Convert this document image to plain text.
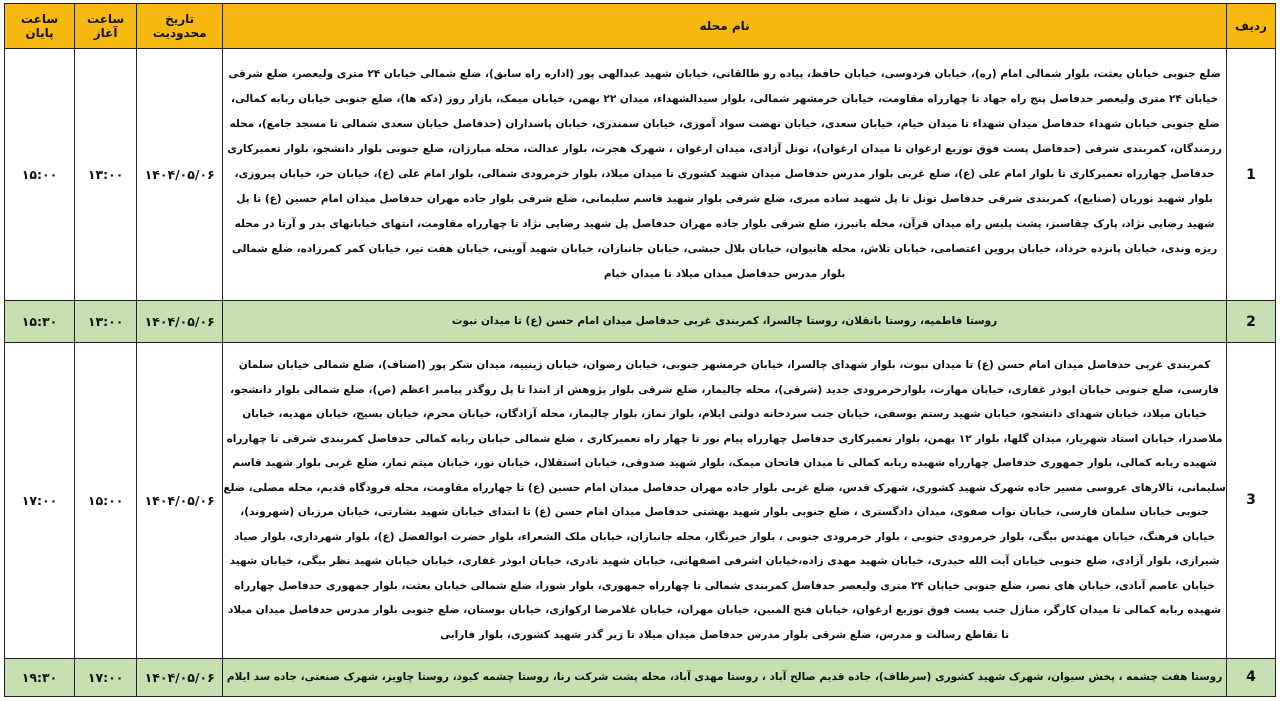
ردیف	نام محله	تاریخ محدودیت	ساعت آغاز	ساعت پایان
1	ضلع جنوبی خیابان بعثت، بلوار شمالی امام (ره)، خیابان فردوسی، خیابان حافظ، پیاده رو طالقانی، خیابان شهید عبدالهی پور (اداره راه سابق)، ضلع شمالی خیابان ۲۴ متری ولیعصر، ضلع شرقی خیابان ۲۴ متری ولیعصر حدفاصل پنج راه جهاد تا چهارراه مقاومت، خیابان خرمشهر شمالی، بلوار سیدالشهداء، میدان ۲۲ بهمن، خیابان میمک، بازار روز (دکه ها)، ضلع جنوبی خیابان ربابه کمالی، ضلع جنوبی خیابان شهداء حدفاصل میدان شهداء تا میدان خیام، خیابان سعدی، خیابان نهضت سواد آموزی، خیابان سمندری، خیابان پاسداران (حدفاصل خیابان سعدی شمالی تا مسجد جامع)، محله رزمندگان، کمربندی شرقی (حدفاصل پست فوق توزیع ارغوان تا میدان ارغوان)، تونل آزادی، میدان ارغوان ، شهرک هجرت، بلوار عدالت، محله مبارزان، ضلع جنوبی بلوار دانشجو، بلوار تعمیرکاری حدفاصل چهارراه تعمیرکاری تا بلوار امام علی (ع)، ضلع غربی بلوار مدرس حدفاصل میدان شهید کشوری تا میدان میلاد، بلوار خرمرودی شمالی، بلوار امام علی (ع)، خیابان حر، خیابان پیروزی، بلوار شهید نوریان (صنایع)، کمربندی شرقی حدفاصل تونل تا پل شهید ساده میری، ضلع شرقی بلوار شهید قاسم سلیمانی، ضلع شرقی بلوار جاده مهران حدفاصل میدان امام حسین (ع) تا پل شهید رضایی نژاد، پارک چقاسبز، پشت پلیس راه میدان قرآن، محله بانبرز، ضلع شرقی بلوار جاده مهران حدفاصل پل شهید رضایی نژاد تا چهارراه مقاومت، انتهای خیابانهای بدر و آرتا در محله ریزه وندی، خیابان پانزده خرداد، خیابان پروین اعتصامی، خیابان تلاش، محله هانیوان، خیابان بلال حبشی، خیابان جانبازان، خیابان شهید آوینی، خیابان هفت تیر، خیابان کمر کمرزاده، ضلع شمالی بلوار مدرس حدفاصل میدان میلاد تا میدان خیام	۱۴۰۴/۰۵/۰۶	۱۳:۰۰	۱۵:۰۰
2	روستا فاطمیه، روستا بانقلان، روستا چالسرا، کمربندی غربی حدفاصل میدان امام حسن (ع) تا میدان نبوت	۱۴۰۴/۰۵/۰۶	۱۳:۰۰	۱۵:۳۰
3	کمربندی غربی حدفاصل میدان امام حسن (ع) تا میدان نبوت، بلوار شهدای چالسرا، خیابان خرمشهر جنوبی، خیابان رضوان، خیابان زینبیه، میدان شکر پور (اصناف)، ضلع شمالی خیابان سلمان فارسی، ضلع جنوبی خیابان ابوذر غفاری، خیابان مهارت، بلوارخرمرودی جدید (شرقی)، محله چالیمار، ضلع شرقی بلوار پژوهش از ابتدا تا پل روگذر پیامبر اعظم (ص)، ضلع شمالی بلوار دانشجو، خیابان میلاد، خیابان شهدای دانشجو، خیابان شهید رستم یوسفی، خیابان جنب سردخانه دولتی ایلام، بلوار نماز، بلوار چالیمار، محله آزادگان، خیابان محرم، خیابان بسیج، خیابان مهدیه، خیابان ملاصدرا، خیابان استاد شهریار، میدان گلها، بلوار ۱۲ بهمن، بلوار تعمیرکاری حدفاصل چهارراه پیام نور تا چهار راه تعمیرکاری ، ضلع شمالی خیابان ربابه کمالی حدفاصل کمربندی شرقی تا چهارراه شهیده ربابه کمالی، بلوار جمهوری حدفاصل چهارراه شهیده ربابه کمالی تا میدان فاتحان میمک، بلوار شهید صدوقی، خیابان استقلال، خیابان نور، خیابان میثم تمار، ضلع غربی بلوار شهید قاسم سلیمانی، تالارهای عروسی مسیر جاده شهرک شهید کشوری، شهرک قدس، ضلع غربی بلوار جاده مهران حدفاصل میدان امام حسین (ع) تا چهارراه مقاومت، محله فرودگاه قدیم، محله مصلی، ضلع جنوبی خیابان سلمان فارسی، خیابان نواب صفوی، میدان دادگستری ، ضلع جنوبی بلوار شهید بهشتی حدفاصل میدان امام حسن (ع) تا ابتدای خیابان شهید بشارتی، خیابان مرزبان (شهروند)، خیابان فرهنگ، خیابان مهندس بیگی، بلوار خرمرودی جنوبی ، بلوار خرمرودی جنوبی ، بلوار خیرنگار، محله جانبازان، خیابان ملک الشعراء، بلوار حضرت ابوالفضل (ع)، بلوار شهرداری، بلوار صیاد شیرازی، بلوار آزادی، ضلع جنوبی خیابان آیت الله حیدری، خیابان شهید مهدی زاده،خیابان اشرفی اصفهانی، خیابان شهید نادری، خیابان ابوذر غفاری، خیابان خیابان شهید نظر بیگی، خیابان شهید خیابان عاصم آبادی، خیابان های نصر، ضلع جنوبی خیابان ۲۴ متری ولیعصر حدفاصل کمربندی شمالی تا چهارراه جمهوری، بلوار شورا، ضلع شمالی خیابان بعثت، بلوار جمهوری حدفاصل چهارراه شهیده ربابه کمالی تا میدان کارگر، منازل جنب پست فوق توزیع ارغوان، خیابان فتح المبین، خیابان مهران، خیابان غلامرضا ارکوازی، خیابان بوستان، ضلع جنوبی بلوار مدرس حدفاصل میدان میلاد تا تقاطع رسالت و مدرس، ضلع شرقی بلوار مدرس حدفاصل میدان میلاد تا زیر گذر شهید کشوری، بلوار فارابی	۱۴۰۴/۰۵/۰۶	۱۵:۰۰	۱۷:۰۰
4	روستا هفت چشمه ، پخش سیوان، شهرک شهید کشوری (سرطاف)، جاده قدیم صالح آباد ، روستا مهدی آباد، محله پشت شرکت رنا، روستا چشمه کبود، روستا چاویز، شهرک صنعتی، جاده سد ایلام	۱۴۰۴/۰۵/۰۶	۱۷:۰۰	۱۹:۳۰
